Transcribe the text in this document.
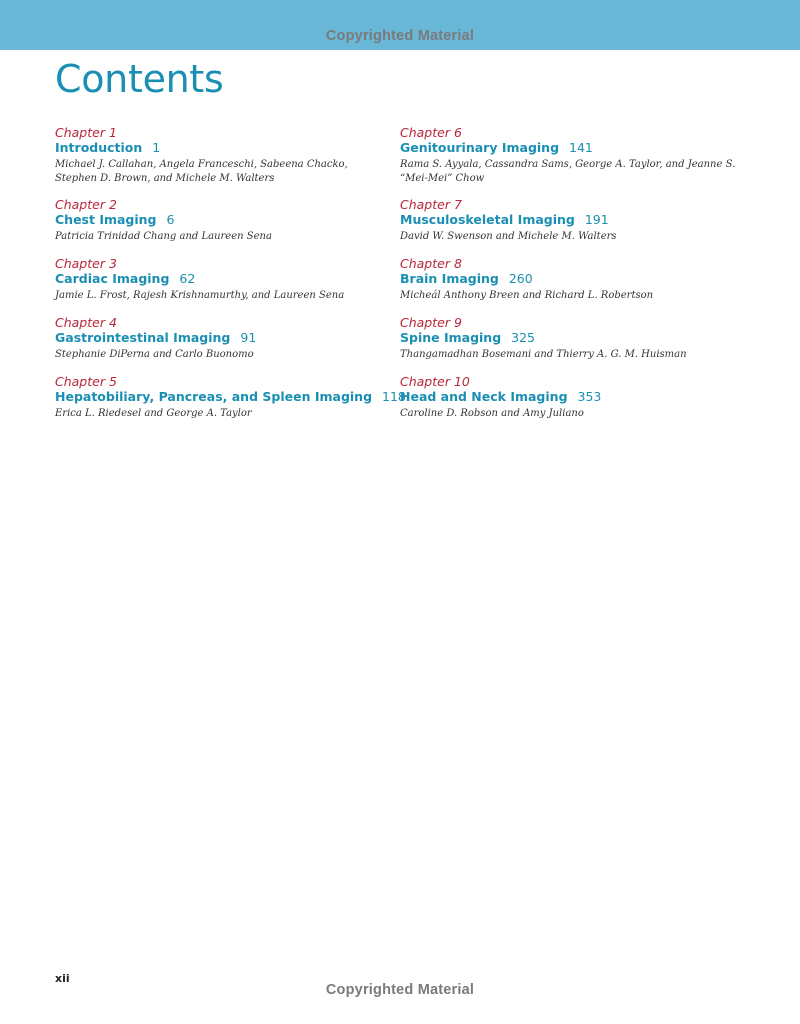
Copyrighted Material
Contents
Chapter 1
Introduction 1
Michael J. Callahan, Angela Franceschi, Sabeena Chacko, Stephen D. Brown, and Michele M. Walters
Chapter 2
Chest Imaging 6
Patricia Trinidad Chang and Laureen Sena
Chapter 3
Cardiac Imaging 62
Jamie L. Frost, Rajesh Krishnamurthy, and Laureen Sena
Chapter 4
Gastrointestinal Imaging 91
Stephanie DiPerna and Carlo Buonomo
Chapter 5
Hepatobiliary, Pancreas, and Spleen Imaging 118
Erica L. Riedesel and George A. Taylor
Chapter 6
Genitourinary Imaging 141
Rama S. Ayyala, Cassandra Sams, George A. Taylor, and Jeanne S. “Mei-Mei” Chow
Chapter 7
Musculoskeletal Imaging 191
David W. Swenson and Michele M. Walters
Chapter 8
Brain Imaging 260
Micheál Anthony Breen and Richard L. Robertson
Chapter 9
Spine Imaging 325
Thangamadhan Bosemani and Thierry A. G. M. Huisman
Chapter 10
Head and Neck Imaging 353
Caroline D. Robson and Amy Juliano
xii
Copyrighted Material
